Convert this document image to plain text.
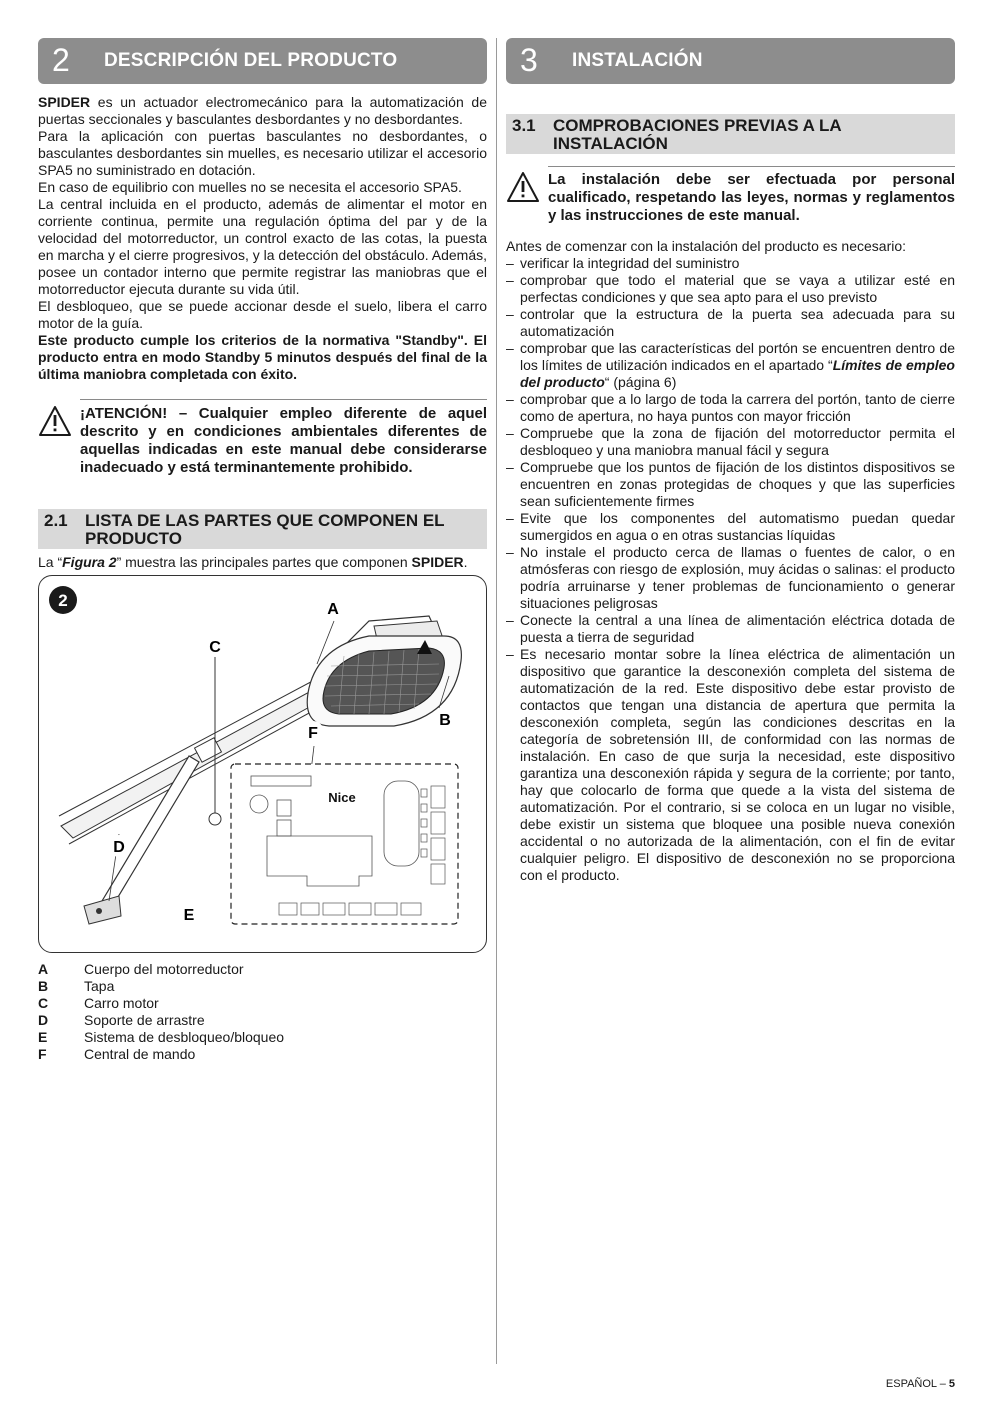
2 DESCRIPCIÓN DEL PRODUCTO

SPIDER es un actuador electromecánico para la automatización de puertas seccionales y basculantes desbordantes y no desbordantes.

Para la aplicación con puertas basculantes no desbordantes, o basculantes desbordantes sin muelles, es necesario utilizar el accesorio SPA5 no suministrado en dotación.

En caso de equilibrio con muelles no se necesita el accesorio SPA5.

La central incluida en el producto, además de alimentar el motor en corriente continua, permite una regulación óptima del par y de la velocidad del motorreductor, un control exacto de las cotas, la puesta en marcha y el cierre progresivos, y la detección del obstáculo. Además, posee un contador interno que permite registrar las maniobras que el motorreductor ejecuta durante su vida útil.

El desbloqueo, que se puede accionar desde el suelo, libera el carro motor de la guía.

Este producto cumple los criterios de la normativa "Standby". El producto entra en modo Standby 5 minutos después del final de la última maniobra completada con éxito.

¡ATENCIÓN! – Cualquier empleo diferente de aquel descrito y en condiciones ambientales diferentes de aquellas indicadas en este manual debe considerarse inadecuado y está terminantemente prohibido.
2.1	LISTA DE LAS PARTES QUE COMPONEN EL PRODUCTO
La “Figura 2” muestra las principales partes que componen SPIDER.
2
Nice
A
B
C
D
E
F
A	Cuerpo del motorreductor
B	Tapa
C	Carro motor
D	Soporte de arrastre
E	Sistema de desbloqueo/bloqueo
F	Central de mando
3 INSTALACIÓN
3.1	COMPROBACIONES PREVIAS A LA INSTALACIÓN
La instalación debe ser efectuada por personal cualificado, respetando las leyes, normas y reglamentos y las instrucciones de este manual.
Antes de comenzar con la instalación del producto es necesario:
– verificar la integridad del suministro
– comprobar que todo el material que se vaya a utilizar esté en perfectas condiciones y que sea apto para el uso previsto
– controlar que la estructura de la puerta sea adecuada para su automatización
– comprobar que las características del portón se encuentren dentro de los límites de utilización indicados en el apartado “Límites de empleo del producto“ (página 6)
– comprobar que a lo largo de toda la carrera del portón, tanto de cierre como de apertura, no haya puntos con mayor fricción
– Compruebe que la zona de fijación del motorreductor permita el desbloqueo y una maniobra manual fácil y segura
– Compruebe que los puntos de fijación de los distintos dispositivos se encuentren en zonas protegidas de choques y que las superficies sean suficientemente firmes
– Evite que los componentes del automatismo puedan quedar sumergidos en agua o en otras sustancias líquidas
– No instale el producto cerca de llamas o fuentes de calor, o en atmósferas con riesgo de explosión, muy ácidas o salinas: el producto podría arruinarse y tener problemas de funcionamiento o generar situaciones peligrosas
– Conecte la central a una línea de alimentación eléctrica dotada de puesta a tierra de seguridad
– Es necesario montar sobre la línea eléctrica de alimentación un dispositivo que garantice la desconexión completa del sistema de automatización de la red. Este dispositivo debe estar provisto de contactos que tengan una distancia de apertura que permita la desconexión completa, según las condiciones descritas en la categoría de sobretensión III, de conformidad con las normas de instalación. En caso de que surja la necesidad, este dispositivo garantiza una desconexión rápida y segura de la corriente; por tanto, hay que colocarlo de forma que quede a la vista del sistema de automatización. Por el contrario, si se coloca en un lugar no visible, debe existir un sistema que bloquee una posible nueva conexión accidental o no autorizada de la alimentación, con el fin de evitar cualquier peligro. El dispositivo de desconexión no se proporciona con el producto.
ESPAÑOL – 5
